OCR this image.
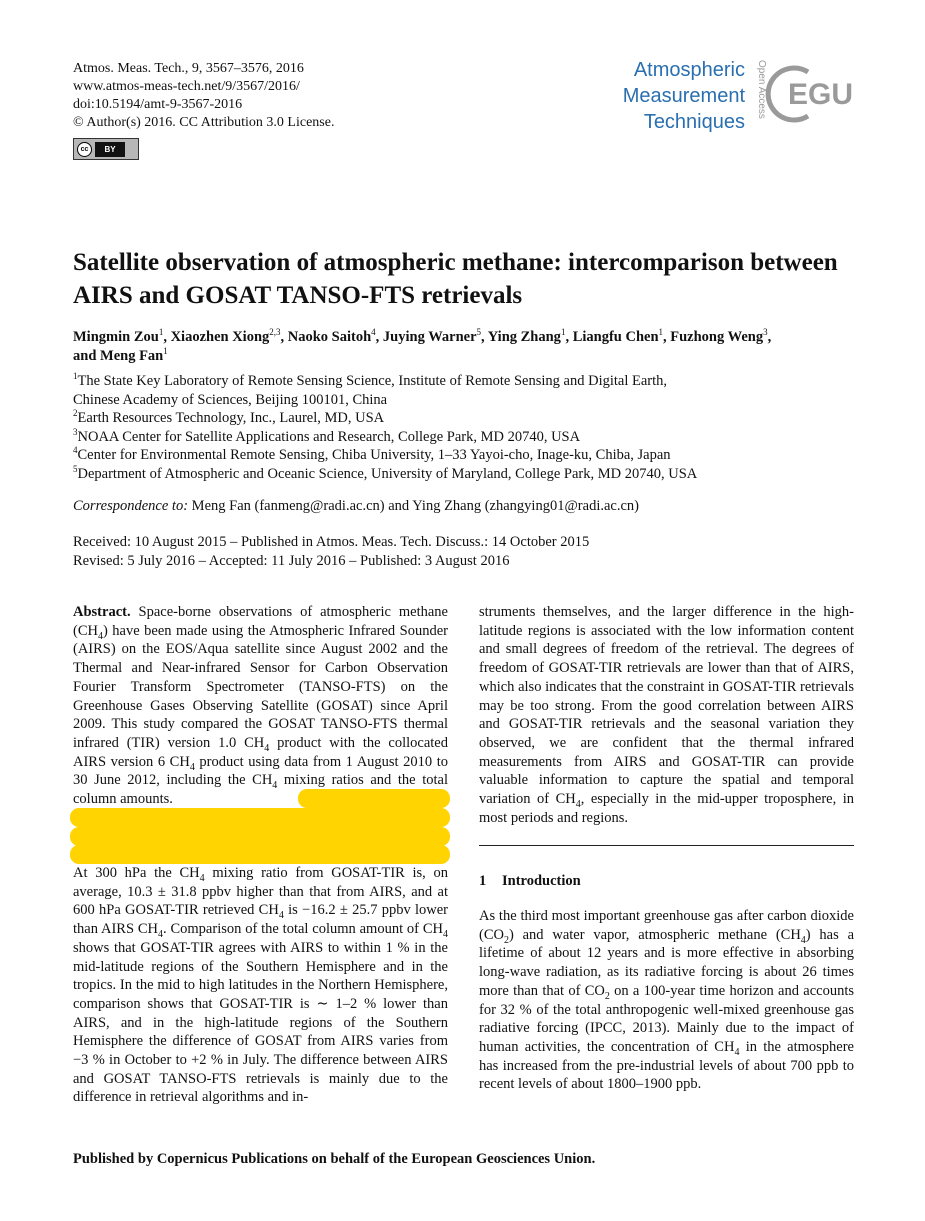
Atmos. Meas. Tech., 9, 3567–3576, 2016
www.atmos-meas-tech.net/9/3567/2016/
doi:10.5194/amt-9-3567-2016
© Author(s) 2016. CC Attribution 3.0 License.
cc BY
Atmospheric
Measurement
Techniques
Open Access EGU
Satellite observation of atmospheric methane: intercomparison between AIRS and GOSAT TANSO-FTS retrievals
Mingmin Zou$^1$, Xiaozhen Xiong$^{2,3}$, Naoko Saitoh$^4$, Juying Warner$^5$, Ying Zhang$^1$, Liangfu Chen$^1$, Fuzhong Weng$^3$,
and Meng Fan$^1$
$^1$The State Key Laboratory of Remote Sensing Science, Institute of Remote Sensing and Digital Earth,
Chinese Academy of Sciences, Beijing 100101, China
$^2$Earth Resources Technology, Inc., Laurel, MD, USA
$^3$NOAA Center for Satellite Applications and Research, College Park, MD 20740, USA
$^4$Center for Environmental Remote Sensing, Chiba University, 1–33 Yayoi-cho, Inage-ku, Chiba, Japan
$^5$Department of Atmospheric and Oceanic Science, University of Maryland, College Park, MD 20740, USA
Correspondence to: Meng Fan (fanmeng@radi.ac.cn) and Ying Zhang (zhangying01@radi.ac.cn)
Received: 10 August 2015 – Published in Atmos. Meas. Tech. Discuss.: 14 October 2015
Revised: 5 July 2016 – Accepted: 11 July 2016 – Published: 3 August 2016
Abstract. Space-borne observations of atmospheric methane $(CH_4)$ have been made using the Atmospheric Infrared Sounder (AIRS) on the EOS/Aqua satellite since August 2002 and the Thermal and Near-infrared Sensor for Carbon Observation Fourier Transform Spectrometer (TANSO-FTS) on the Greenhouse Gases Observing Satellite (GOSAT) since April 2009. This study compared the GOSAT TANSO-FTS thermal infrared (TIR) version 1.0 $CH_4$ product with the collocated AIRS version 6 $CH_4$ product using data from 1 August 2010 to 30 June 2012, including the $CH_4$ mixing ratios and the total column amounts.
At 300 hPa the $CH_4$ mixing ratio from GOSAT-TIR is, on average, 10.3 ± 31.8 ppbv higher than that from AIRS, and at 600 hPa GOSAT-TIR retrieved $CH_4$ is −16.2 ± 25.7 ppbv lower than AIRS $CH_4$. Comparison of the total column amount of $CH_4$ shows that GOSAT-TIR agrees with AIRS to within 1 % in the mid-latitude regions of the Southern Hemisphere and in the tropics. In the mid to high latitudes in the Northern Hemisphere, comparison shows that GOSAT-TIR is ∼ 1–2 % lower than AIRS, and in the high-latitude regions of the Southern Hemisphere the difference of GOSAT from AIRS varies from −3 % in October to +2 % in July. The difference between AIRS and GOSAT TANSO-FTS retrievals is mainly due to the difference in retrieval algorithms and in-
struments themselves, and the larger difference in the high-latitude regions is associated with the low information content and small degrees of freedom of the retrieval. The degrees of freedom of GOSAT-TIR retrievals are lower than that of AIRS, which also indicates that the constraint in GOSAT-TIR retrievals may be too strong. From the good correlation between AIRS and GOSAT-TIR retrievals and the seasonal variation they observed, we are confident that the thermal infrared measurements from AIRS and GOSAT-TIR can provide valuable information to capture the spatial and temporal variation of $CH_4$, especially in the mid-upper troposphere, in most periods and regions.
1 Introduction
As the third most important greenhouse gas after carbon dioxide $(CO_2)$ and water vapor, atmospheric methane $(CH_4)$ has a lifetime of about 12 years and is more effective in absorbing long-wave radiation, as its radiative forcing is about 26 times more than that of $CO_2$ on a 100-year time horizon and accounts for 32 % of the total anthropogenic well-mixed greenhouse gas radiative forcing (IPCC, 2013). Mainly due to the impact of human activities, the concentration of $CH_4$ in the atmosphere has increased from the pre-industrial levels of about 700 ppb to recent levels of about 1800–1900 ppb.
Published by Copernicus Publications on behalf of the European Geosciences Union.
